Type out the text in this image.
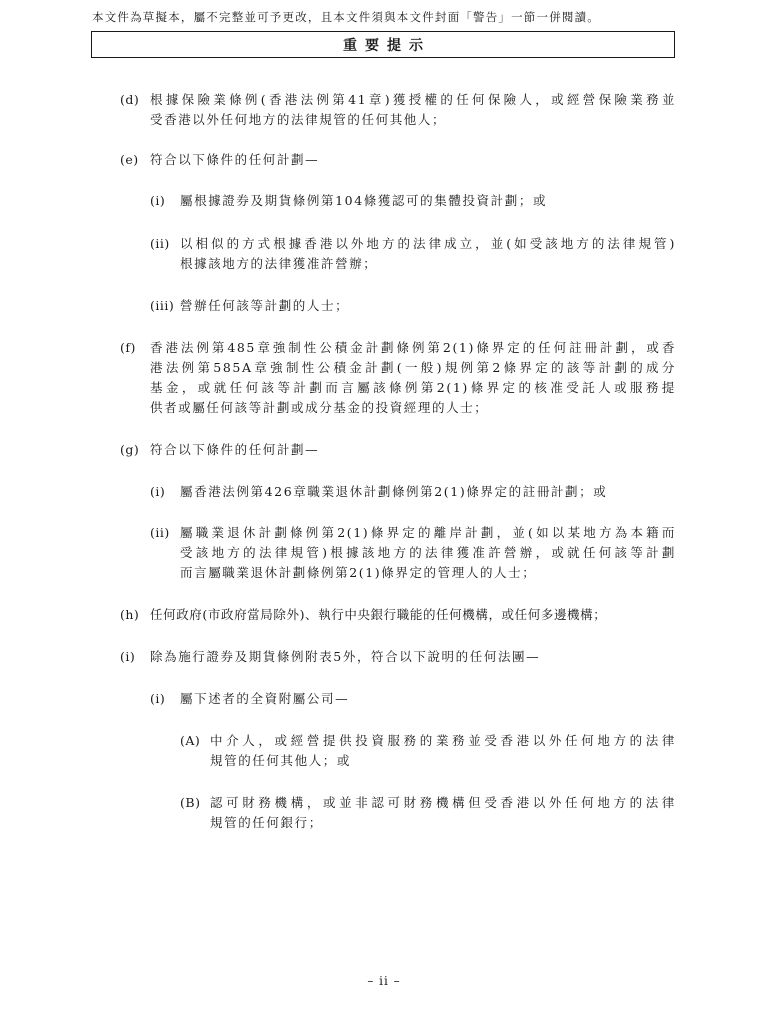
本文件為草擬本，屬不完整並可予更改，且本文件須與本文件封面「警告」一節一併閱讀。
重要提示
(d) 根據保險業條例(香港法例第41章)獲授權的任何保險人，或經營保險業務並
受香港以外任何地方的法律規管的任何其他人；
(e) 符合以下條件的任何計劃—
(i) 屬根據證券及期貨條例第104條獲認可的集體投資計劃；或
(ii) 以相似的方式根據香港以外地方的法律成立，並(如受該地方的法律規管)
根據該地方的法律獲准許營辦；
(iii) 營辦任何該等計劃的人士；
(f) 香港法例第485章強制性公積金計劃條例第2(1)條界定的任何註冊計劃，或香
港法例第585A章強制性公積金計劃(一般)規例第2條界定的該等計劃的成分
基金，或就任何該等計劃而言屬該條例第2(1)條界定的核准受託人或服務提
供者或屬任何該等計劃或成分基金的投資經理的人士；
(g) 符合以下條件的任何計劃—
(i) 屬香港法例第426章職業退休計劃條例第2(1)條界定的註冊計劃；或
(ii) 屬職業退休計劃條例第2(1)條界定的離岸計劃，並(如以某地方為本籍而
受該地方的法律規管)根據該地方的法律獲准許營辦，或就任何該等計劃
而言屬職業退休計劃條例第2(1)條界定的管理人的人士；
(h) 任何政府(市政府當局除外)、執行中央銀行職能的任何機構，或任何多邊機構；
(i) 除為施行證券及期貨條例附表5外，符合以下說明的任何法團—
(i) 屬下述者的全資附屬公司—
(A) 中介人，或經營提供投資服務的業務並受香港以外任何地方的法律
規管的任何其他人；或
(B) 認可財務機構，或並非認可財務機構但受香港以外任何地方的法律
規管的任何銀行；
– ii –
